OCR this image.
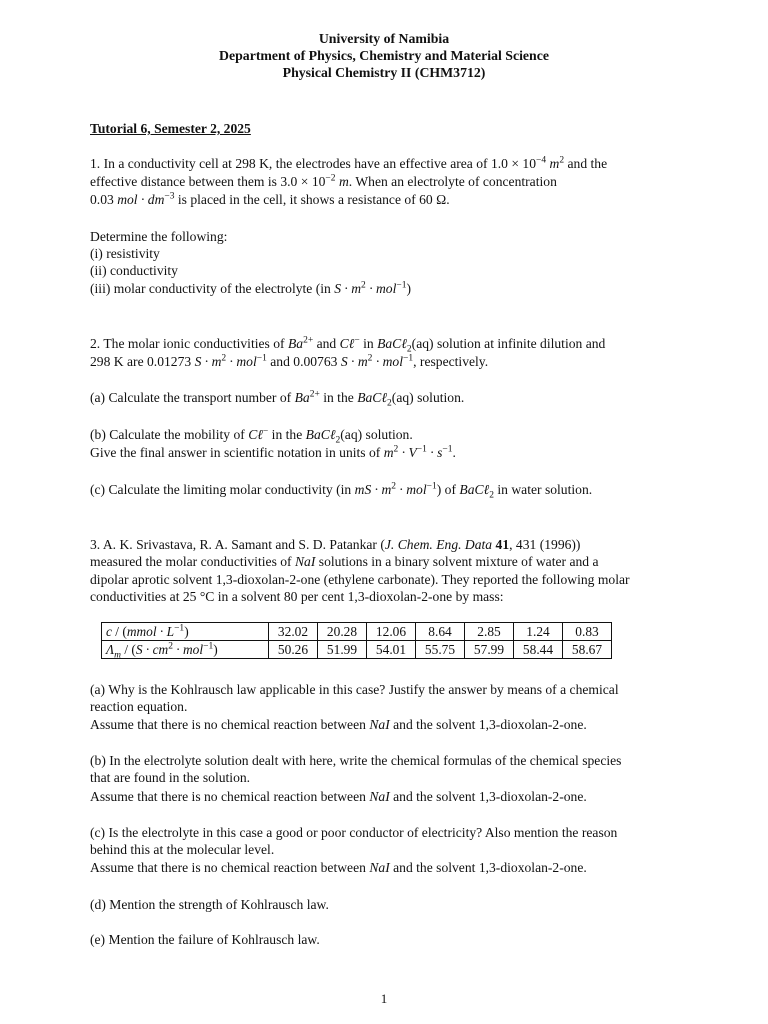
University of Namibia
Department of Physics, Chemistry and Material Science
Physical Chemistry II (CHM3712)
Tutorial 6, Semester 2, 2025
1. In a conductivity cell at 298 K, the electrodes have an effective area of $1.0 \times 10^{-4}$ $m^2$ and the
effective distance between them is $3.0 \times 10^{-2}$ m. When an electrolyte of concentration
0.03 mol · $dm^{-3}$ is placed in the cell, it shows a resistance of 60 Ω.
Determine the following:
(i) resistivity
(ii) conductivity
(iii) molar conductivity of the electrolyte (in $S \cdot m^2 \cdot mol^{-1}$)
2. The molar ionic conductivities of $Ba^{2+}$ and Cℓ− in BaCℓ$_2$(aq) solution at infinite dilution and
298 K are 0.01273 $S \cdot m^2 \cdot mol^{-1}$ and 0.00763 $S \cdot m^2 \cdot mol^{-1}$, respectively.
(a) Calculate the transport number of $Ba^{2+}$ in the BaCℓ$_2$(aq) solution.
(b) Calculate the mobility of Cℓ− in the BaCℓ$_2$(aq) solution.
Give the final answer in scientific notation in units of $m^2 \cdot V^{-1} \cdot s^{-1}$.
(c) Calculate the limiting molar conductivity (in mS · $m^2 \cdot mol^{-1}$) of BaCℓ$_2$ in water solution.
3. A. K. Srivastava, R. A. Samant and S. D. Patankar (J. Chem. Eng. Data 41, 431 (1996))
measured the molar conductivities of NaI solutions in a binary solvent mixture of water and a
dipolar aprotic solvent 1,3-dioxolan-2-one (ethylene carbonate). They reported the following molar
conductivities at 25 °C in a solvent 80 per cent 1,3-dioxolan-2-one by mass:
c / (mmol · $L^{-1}$)	32.02	20.28	12.06	8.64	2.85	1.24	0.83
$\Lambda_m / (S \cdot cm^2 \cdot mol^{-1})$	50.26	51.99	54.01	55.75	57.99	58.44	58.67
(a) Why is the Kohlrausch law applicable in this case? Justify the answer by means of a chemical
reaction equation.
Assume that there is no chemical reaction between NaI and the solvent 1,3-dioxolan-2-one.
(b) In the electrolyte solution dealt with here, write the chemical formulas of the chemical species
that are found in the solution.
Assume that there is no chemical reaction between NaI and the solvent 1,3-dioxolan-2-one.
(c) Is the electrolyte in this case a good or poor conductor of electricity? Also mention the reason
behind this at the molecular level.
Assume that there is no chemical reaction between NaI and the solvent 1,3-dioxolan-2-one.
(d) Mention the strength of Kohlrausch law.
(e) Mention the failure of Kohlrausch law.
1
